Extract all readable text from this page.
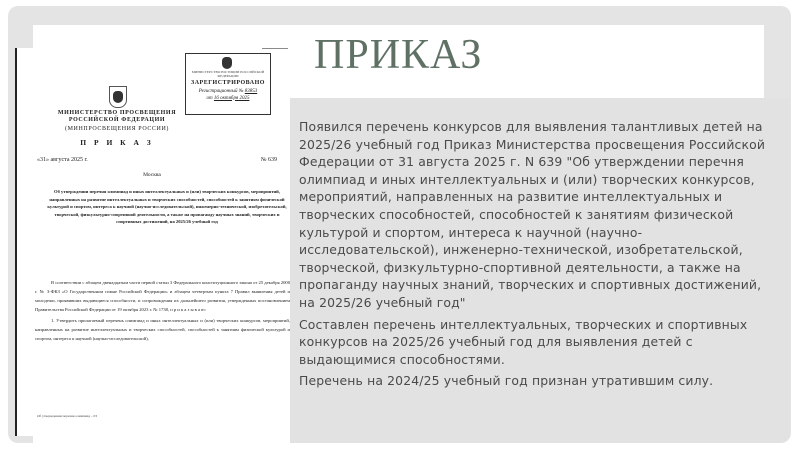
МИНИСТЕРСТВО ЮСТИЦИИ РОССИЙСКОЙ ФЕДЕРАЦИИ
ЗАРЕГИСТРИРОВАНО
Регистрационный № 83853
от 16 октября 2025
МИНИСТЕРСТВО ПРОСВЕЩЕНИЯ
РОССИЙСКОЙ ФЕДЕРАЦИИ
(МИНПРОСВЕЩЕНИЯ РОССИИ)
П Р И К А З
«31» августа 2025 г.	№ 639
Москва
Об утверждении перечня олимпиад и иных интеллектуальных и (или) творческих конкурсов, мероприятий, направленных на развитие интеллектуальных и творческих способностей, способностей к занятиям физической культурой и спортом, интереса к научной (научно-исследовательской), инженерно-технической, изобретательской, творческой, физкультурно-спортивной деятельности, а также на пропаганду научных знаний, творческих и спортивных достижений, на 2025/26 учебный год

В соответствии с абзацем двенадцатым части первой статьи 3 Федерального конституционного закона от 25 декабря 2000 г. № 3-ФКЗ «О Государственном гимне Российской Федерации» и абзацем четвертым пункта 7 Правил выявления детей и молодежи, проявивших выдающиеся способности, и сопровождения их дальнейшего развития, утвержденных постановлением Правительства Российской Федерации от 19 октября 2023 г. № 1738, п р и к а з ы в а ю:

1. Утвердить прилагаемый перечень олимпиад и иных интеллектуальных и (или) творческих конкурсов, мероприятий, направленных на развитие интеллектуальных и творческих способностей, способностей к занятиям физической культурой и спортом, интереса к научной (научно-исследовательской),

Об утверждении перечня олимпиад – 03
ПРИКАЗ

Появился перечень конкурсов для выявления талантливых детей на 2025/26 учебный год Приказ Министерства просвещения Российской Федерации от 31 августа 2025 г. N 639 "Об утверждении перечня олимпиад и иных интеллектуальных и (или) творческих конкурсов, мероприятий, направленных на развитие интеллектуальных и творческих способностей, способностей к занятиям физической культурой и спортом, интереса к научной (научно-исследовательской), инженерно-технической, изобретательской, творческой, физкультурно-спортивной деятельности, а также на пропаганду научных знаний, творческих и спортивных достижений, на 2025/26 учебный год"

Составлен перечень интеллектуальных, творческих и спортивных конкурсов на 2025/26 учебный год для выявления детей с выдающимися способностями.

Перечень на 2024/25 учебный год признан утратившим силу.
